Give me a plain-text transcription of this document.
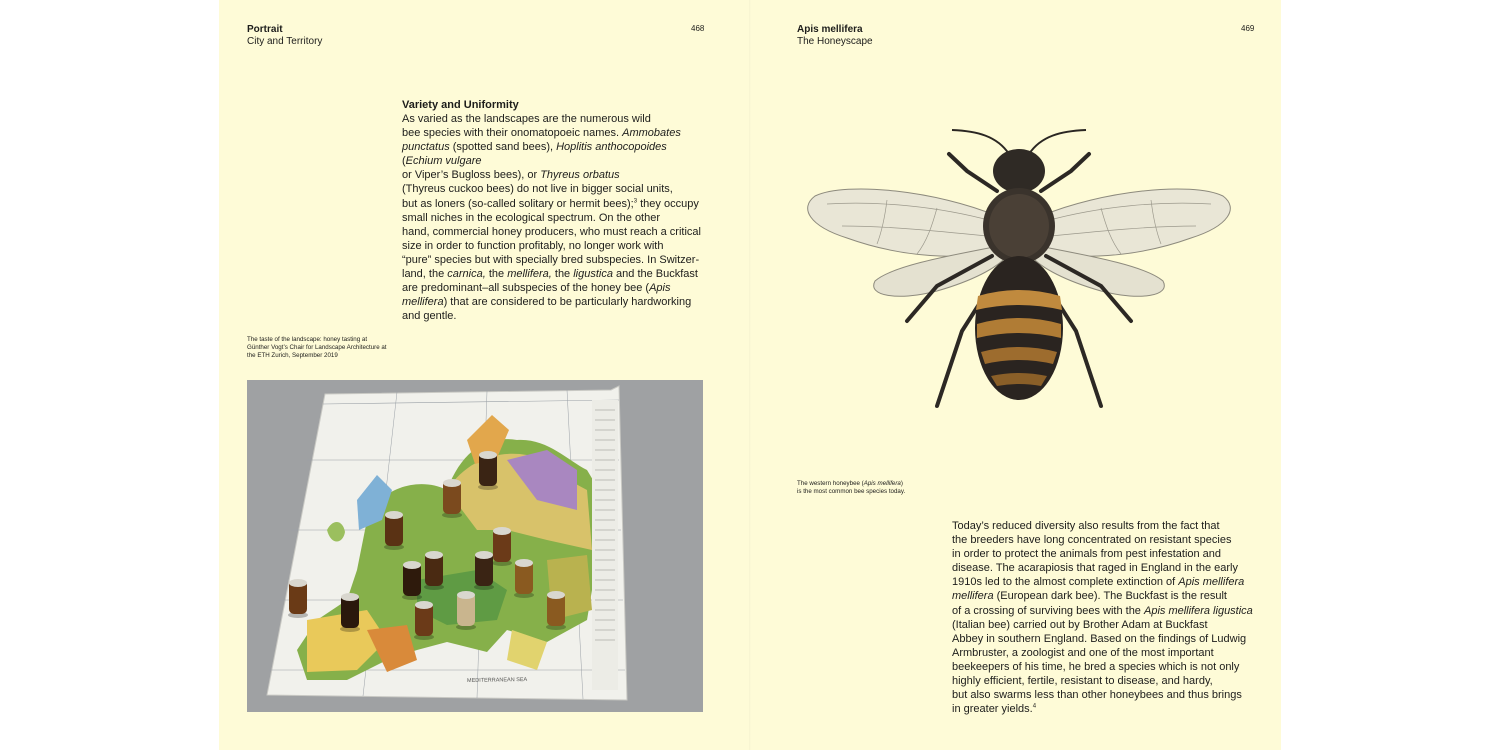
Portrait
City and Territory
468
Variety and Uniformity
As varied as the landscapes are the numerous wild
bee species with their onomatopoeic names. Ammobates
punctatus (spotted sand bees), Hoplitis anthocopoides
(Echium vulgare
or Viper’s Bugloss bees), or Thyreus orbatus
(Thyreus cuckoo bees) do not live in bigger social units,
but as loners (so-called solitary or hermit bees);$^3$ they occupy
small niches in the ecological spectrum. On the other
hand, commercial honey producers, who must reach a critical
size in order to function profitably, no longer work with
“pure” species but with specially bred subspecies. In Switzer-
land, the carnica, the mellifera, the ligustica and the Buckfast
are predominant–all subspecies of the honey bee (Apis
mellifera) that are considered to be particularly hardworking
and gentle.
The taste of the landscape: honey tasting at Günther Vogt’s Chair for Landscape Architecture at the ETH Zurich, September 2019
MEDITERRANEAN SEA
Apis mellifera
The Honeyscape
469
The western honeybee (Apis mellifera)
is the most common bee species today.
Today’s reduced diversity also results from the fact that
the breeders have long concentrated on resistant species
in order to protect the animals from pest infestation and
disease. The acarapiosis that raged in England in the early
1910s led to the almost complete extinction of Apis mellifera
mellifera (European dark bee). The Buckfast is the result
of a crossing of surviving bees with the Apis mellifera ligustica
(Italian bee) carried out by Brother Adam at Buckfast
Abbey in southern England. Based on the findings of Ludwig
Armbruster, a zoologist and one of the most important
beekeepers of his time, he bred a species which is not only
highly efficient, fertile, resistant to disease, and hardy,
but also swarms less than other honeybees and thus brings
in greater yields.$^4$
